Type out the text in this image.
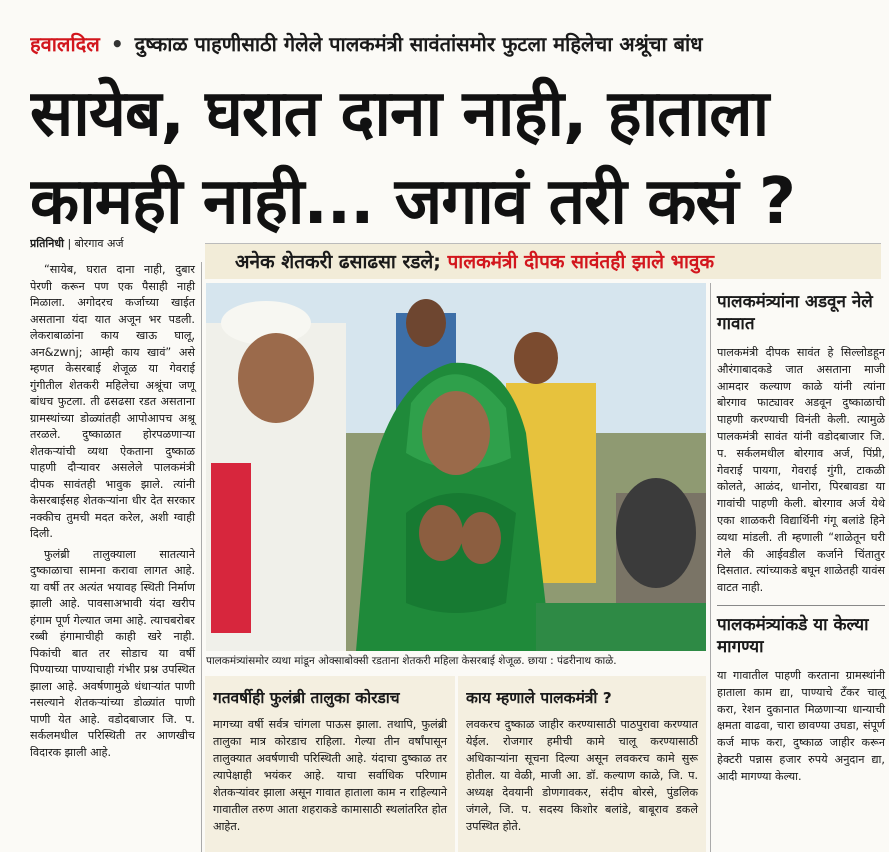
हवालदिल • दुष्काळ पाहणीसाठी गेलेले पालकमंत्री सावंतांसमोर फुटला महिलेचा अश्रूंचा बांध
सायेब, घरात दाना नाही, हाताला
कामही नाही... जगावं तरी कसं ?
प्रतिनिधी | बोरगाव अर्ज
अनेक शेतकरी ढसाढसा रडले; पालकमंत्री दीपक सावंतही झाले भावुक

“सायेब, घरात दाना नाही, दुबार पेरणी करून पण एक पैसाही नाही मिळाला. अगोदरच कर्जाच्या खाईत असताना यंदा यात अजून भर पडली. लेकराबाळांना काय खाऊ घालू, अन&zwnj; आम्ही काय खावं” असे म्हणत केसरबाई शेजूळ या गेवराई गुंगीतील शेतकरी महिलेचा अश्रूंचा जणू बांधच फुटला. ती ढसढसा रडत असताना ग्रामस्थांच्या डोळ्यांतही आपोआपच अश्रू तरळले. दुष्काळात होरपळणाऱ्या शेतकऱ्यांची व्यथा ऐकताना दुष्काळ पाहणी दौऱ्यावर असलेले पालकमंत्री दीपक सावंतही भावुक झाले. त्यांनी केसरबाईसह शेतकऱ्यांना धीर देत सरकार नक्कीच तुमची मदत करेल, अशी ग्वाही दिली.

फुलंब्री तालुक्याला सातत्याने दुष्काळाचा सामना करावा लागत आहे. या वर्षी तर अत्यंत भयावह स्थिती निर्माण झाली आहे. पावसाअभावी यंदा खरीप हंगाम पूर्ण गेल्यात जमा आहे. त्याचबरोबर रब्बी हंगामाचीही काही खरे नाही. पिकांची बात तर सोडाच या वर्षी पिण्याच्या पाण्याचाही गंभीर प्रश्न उपस्थित झाला आहे. अवर्षणामुळे धंधाऱ्यांत पाणी नसल्याने शेतकऱ्यांच्या डोळ्यांत पाणी पाणी येत आहे. वडोदबाजार जि. प. सर्कलमधील परिस्थिती तर आणखीच विदारक झाली आहे.

पालकमंत्र्यांसमोर व्यथा मांडून ओक्साबोक्सी रडताना शेतकरी महिला केसरबाई शेजूळ. छाया : पंढरीनाथ काळे.
पालकमंत्र्यांना अडवून नेले गावात

पालकमंत्री दीपक सावंत हे सिल्लोडहून औरंगाबादकडे जात असताना माजी आमदार कल्याण काळे यांनी त्यांना बोरगाव फाट्यावर अडवून दुष्काळाची पाहणी करण्याची विनंती केली. त्यामुळे पालकमंत्री सावंत यांनी वडोदबाजार जि. प. सर्कलमधील बोरगाव अर्ज, पिंप्री, गेवराई पायगा, गेवराई गुंगी, टाकळी कोलते, आळंद, धानोरा, पिरबावडा या गावांची पाहणी केली. बोरगाव अर्ज येथे एका शाळकरी विद्यार्थिनी गंगू बलांडे हिने व्यथा मांडली. ती म्हणाली “शाळेतून घरी गेले की आईवडील कर्जाने चिंतातुर दिसतात. त्यांच्याकडे बघून शाळेतही यावंस वाटत नाही.

पालकमंत्र्यांकडे या केल्या मागण्या

या गावातील पाहणी करताना ग्रामस्थांनी हाताला काम द्या, पाण्याचे टँकर चालू करा, रेशन दुकानात मिळणाऱ्या धान्याची क्षमता वाढवा, चारा छावण्या उघडा, संपूर्ण कर्ज माफ करा, दुष्काळ जाहीर करून हेक्टरी पन्नास हजार रुपये अनुदान द्या, आदी मागण्या केल्या.

गतवर्षीही फुलंब्री तालुका कोरडाच

मागच्या वर्षी सर्वत्र चांगला पाऊस झाला. तथापि, फुलंब्री तालुका मात्र कोरडाच राहिला. गेल्या तीन वर्षांपासून तालुक्यात अवर्षणाची परिस्थिती आहे. यंदाचा दुष्काळ तर त्यापेक्षाही भयंकर आहे. याचा सर्वाधिक परिणाम शेतकऱ्यांवर झाला असून गावात हाताला काम न राहिल्याने गावातील तरुण आता शहराकडे कामासाठी स्थलांतरित होत आहेत.

काय म्हणाले पालकमंत्री ?

लवकरच दुष्काळ जाहीर करण्यासाठी पाठपुरावा करण्यात येईल. रोजगार हमीची कामे चालू करण्यासाठी अधिकाऱ्यांना सूचना दिल्या असून लवकरच कामे सुरू होतील. या वेळी, माजी आ. डॉ. कल्याण काळे, जि. प. अध्यक्ष देवयानी डोणगावकर, संदीप बोरसे, पुंडलिक जंगले, जि. प. सदस्य किशोर बलांडे, बाबूराव डकले उपस्थित होते.
